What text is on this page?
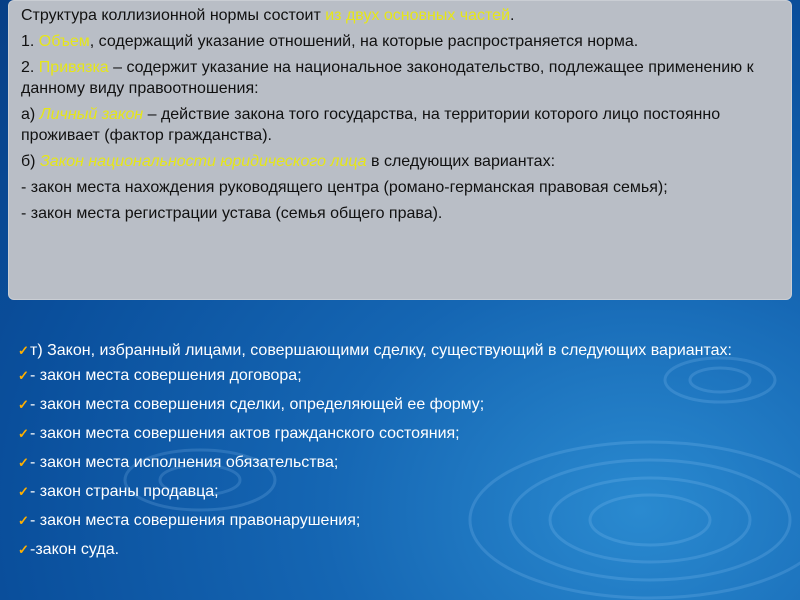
Структура коллизионной нормы состоит из двух основных частей.

1. Объем, содержащий указание отношений, на которые распространяется норма.

2. Привязка – содержит указание на национальное законодательство, подлежащее применению к данному виду правоотношения:

а) Личный закон – действие закона того государства, на территории которого лицо постоянно проживает (фактор гражданства).

б) Закон национальности юридического лица в следующих вариантах:

- закон места нахождения руководящего центра (романо-германская правовая семья);

- закон места регистрации устава (семья общего права).

✓ т) Закон, избранный лицами, совершающими сделку, существующий в следующих вариантах:

✓ - закон места совершения договора;

✓ - закон места совершения сделки, определяющей ее форму;

✓ - закон места совершения актов гражданского состояния;

✓ - закон места исполнения обязательства;

✓ - закон страны продавца;

✓ - закон места совершения правонарушения;

✓ -закон суда.
